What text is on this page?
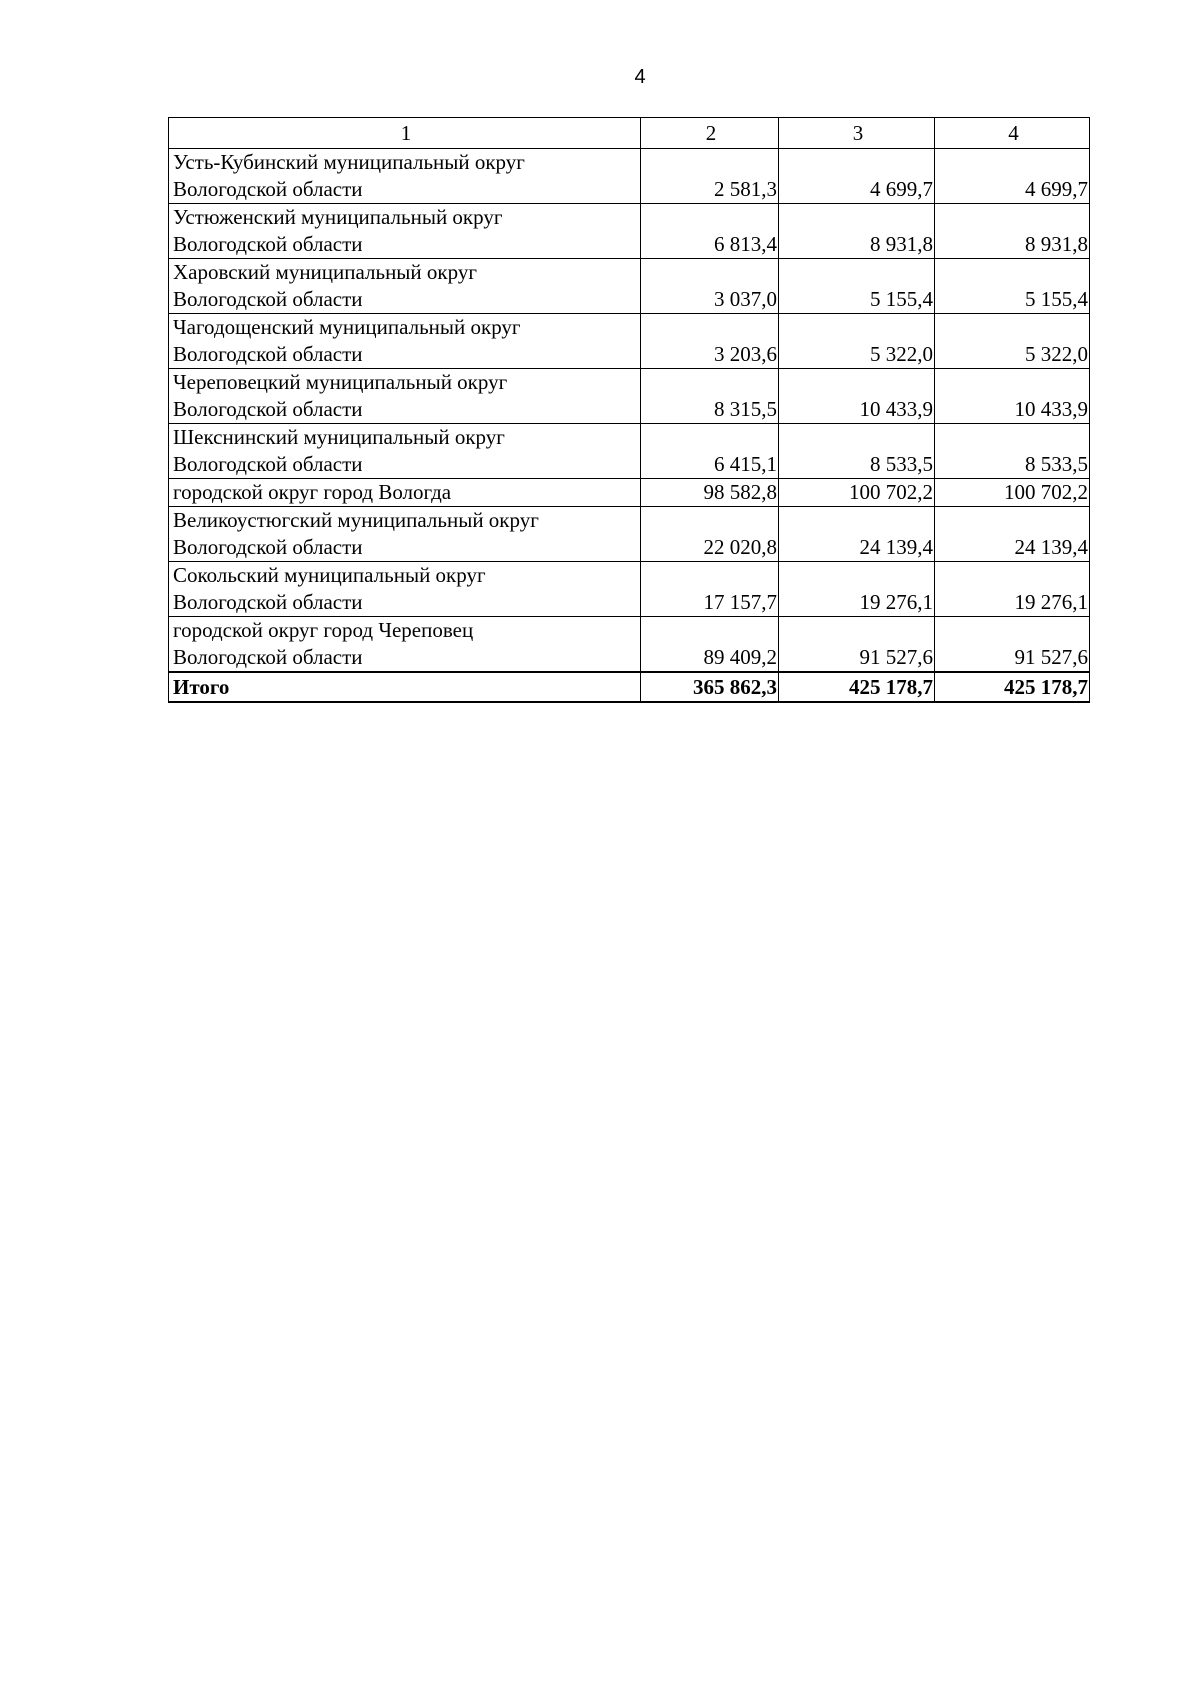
4
1	2	3	4

Усть-Кубинский муниципальный округ
Вологодской области	2 581,3	4 699,7	4 699,7

Устюженский муниципальный округ
Вологодской области	6 813,4	8 931,8	8 931,8

Харовский муниципальный округ
Вологодской области	3 037,0	5 155,4	5 155,4

Чагодощенский муниципальный округ
Вологодской области	3 203,6	5 322,0	5 322,0

Череповецкий муниципальный округ
Вологодской области	8 315,5	10 433,9	10 433,9

Шекснинский муниципальный округ
Вологодской области	6 415,1	8 533,5	8 533,5

городской округ город Вологда	98 582,8	100 702,2	100 702,2

Великоустюгский муниципальный округ
Вологодской области	22 020,8	24 139,4	24 139,4

Сокольский муниципальный округ
Вологодской области	17 157,7	19 276,1	19 276,1

городской округ город Череповец
Вологодской области	89 409,2	91 527,6	91 527,6
Итого	365 862,3	425 178,7	425 178,7
